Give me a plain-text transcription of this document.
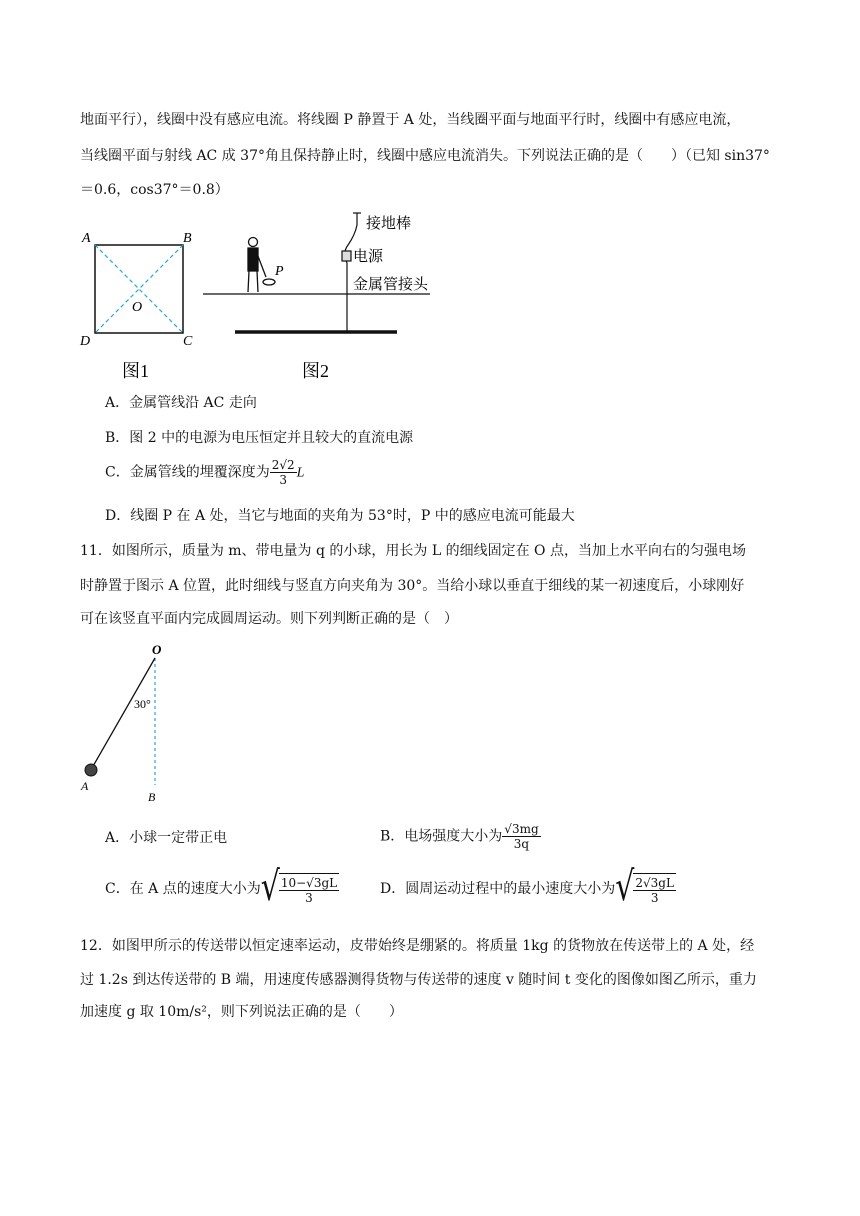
地面平行），线圈中没有感应电流。将线圈 P 静置于 A 处，当线圈平面与地面平行时，线圈中有感应电流，
当线圈平面与射线 AC 成 37°角且保持静止时，线圈中感应电流消失。下列说法正确的是（　　）（已知 sin37°
＝0.6，cos37°＝0.8）
A	B
C
D
O
图1
P
接地棒
电源
金属管接头
图2
A．金属管线沿 AC 走向
B．图 2 中的电源为电压恒定并且较大的直流电源
C．金属管线的埋覆深度为 $\frac{2√2}{3}$ L
D．线圈 P 在 A 处，当它与地面的夹角为 53°时，P 中的感应电流可能最大
11．如图所示，质量为 m、带电量为 q 的小球，用长为 L 的细线固定在 O 点，当加上水平向右的匀强电场
时静置于图示 A 位置，此时细线与竖直方向夹角为 30°。当给小球以垂直于细线的某一初速度后，小球刚好
可在该竖直平面内完成圆周运动。则下列判断正确的是（　）
O
A
B
30°
A．小球一定带正电	B．电场强度大小为 $\frac{√3mg}{3q}$
C．在 A 点的速度大小为 √ $\frac{10-√3gL}{3}$	D．圆周运动过程中的最小速度大小为 √ $\frac{2√3gL}{3}$
12．如图甲所示的传送带以恒定速率运动，皮带始终是绷紧的。将质量 1kg 的货物放在传送带上的 A 处，经
过 1.2s 到达传送带的 B 端，用速度传感器测得货物与传送带的速度 v 随时间 t 变化的图像如图乙所示，重力
加速度 g 取 10m/s²，则下列说法正确的是（　　）
